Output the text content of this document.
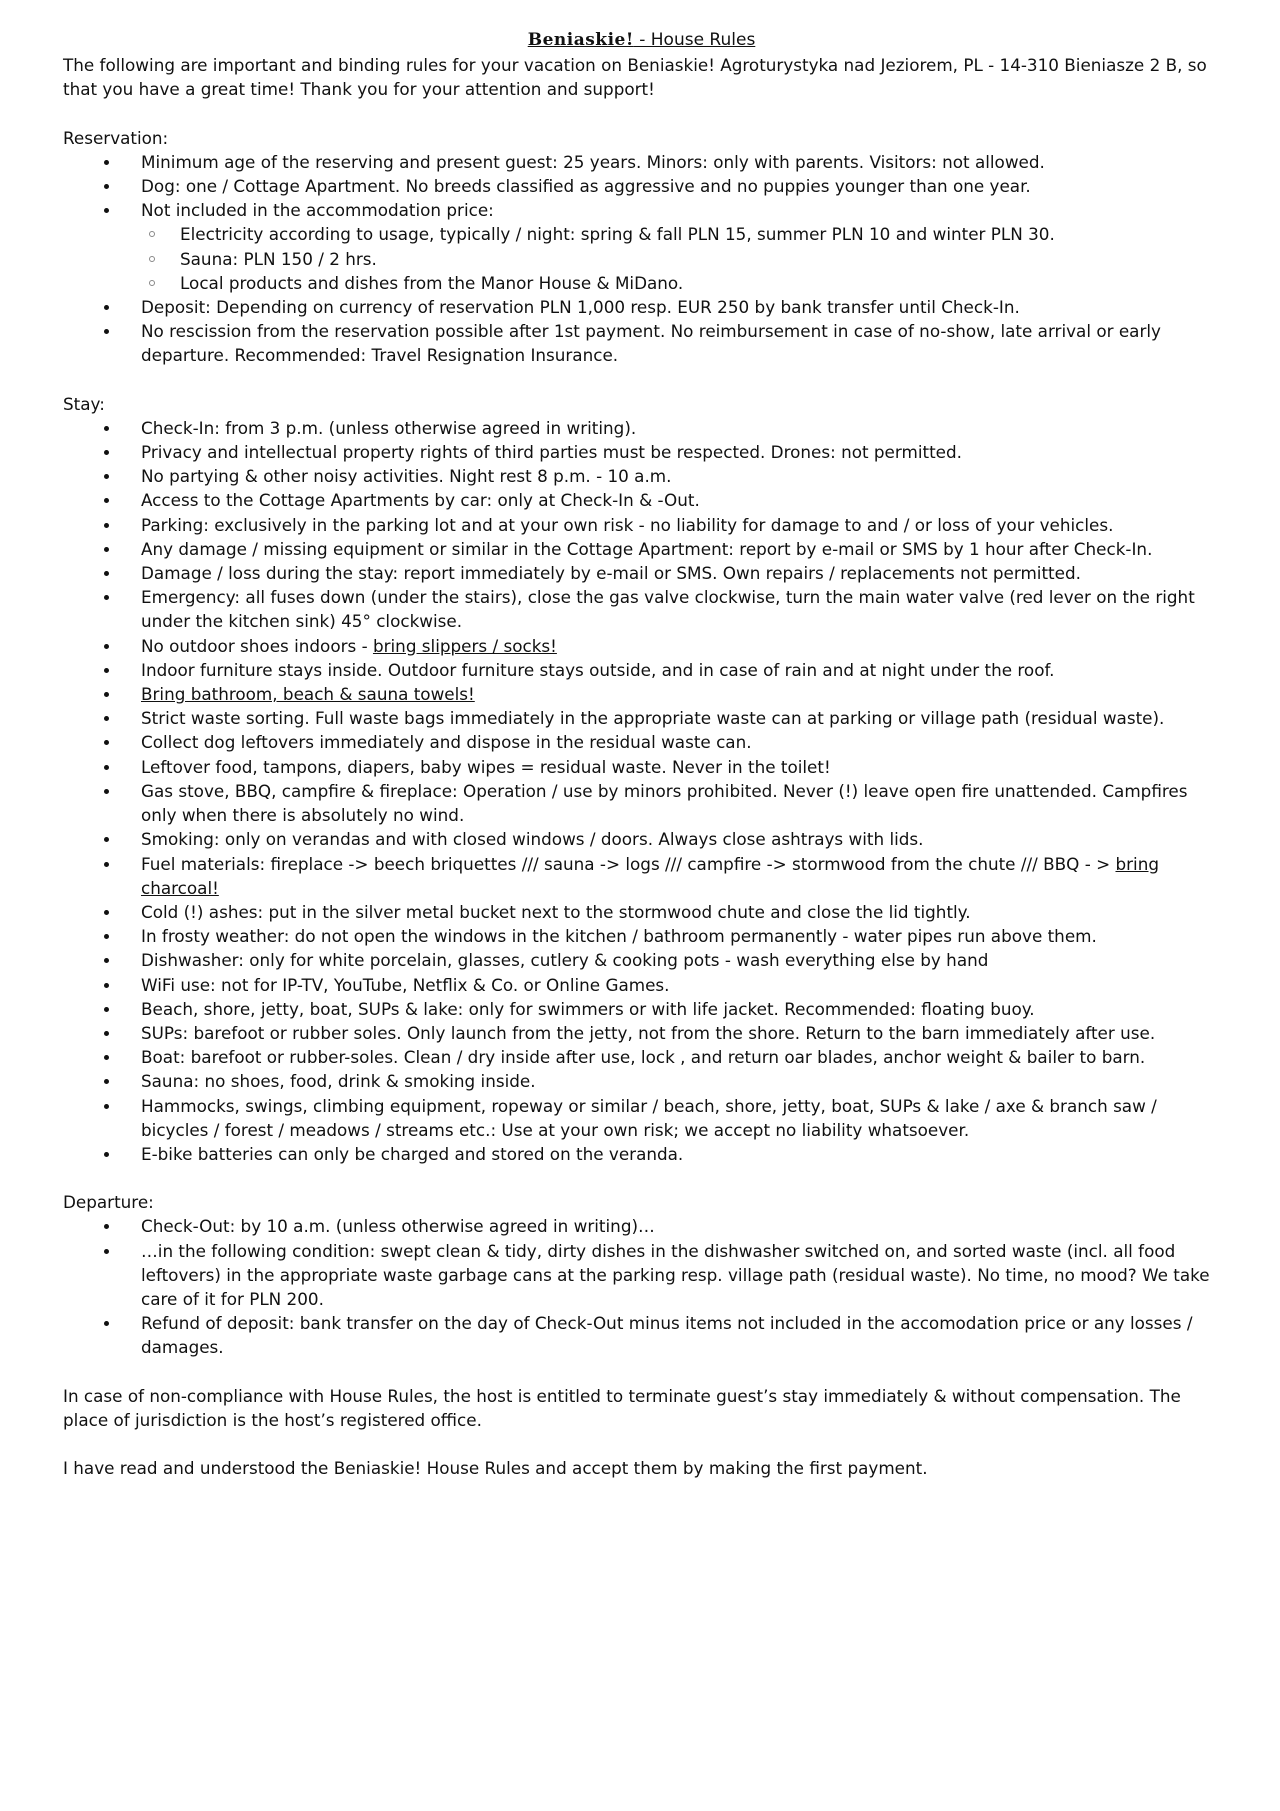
Beniaskie! - House Rules

The following are important and binding rules for your vacation on Beniaskie! Agroturystyka nad Jeziorem, PL - 14-310 Bieniasze 2 B, so that you have a great time! Thank you for your attention and support!

Reservation:
Minimum age of the reserving and present guest: 25 years. Minors: only with parents. Visitors: not allowed.
Dog: one / Cottage Apartment. No breeds classified as aggressive and no puppies younger than one year.
Not included in the accommodation price:
Electricity according to usage, typically / night: spring & fall PLN 15, summer PLN 10 and winter PLN 30.
Sauna: PLN 150 / 2 hrs.
Local products and dishes from the Manor House & MiDano.
Deposit: Depending on currency of reservation PLN 1,000 resp. EUR 250 by bank transfer until Check-In.
No rescission from the reservation possible after 1st payment. No reimbursement in case of no-show, late arrival or early departure. Recommended: Travel Resignation Insurance.
Stay:
Check-In: from 3 p.m. (unless otherwise agreed in writing).
Privacy and intellectual property rights of third parties must be respected. Drones: not permitted.
No partying & other noisy activities. Night rest 8 p.m. - 10 a.m.
Access to the Cottage Apartments by car: only at Check-In & -Out.
Parking: exclusively in the parking lot and at your own risk - no liability for damage to and / or loss of your vehicles.
Any damage / missing equipment or similar in the Cottage Apartment: report by e-mail or SMS by 1 hour after Check-In.
Damage / loss during the stay: report immediately by e-mail or SMS. Own repairs / replacements not permitted.
Emergency: all fuses down (under the stairs), close the gas valve clockwise, turn the main water valve (red lever on the right under the kitchen sink) 45° clockwise.
No outdoor shoes indoors - bring slippers / socks!
Indoor furniture stays inside. Outdoor furniture stays outside, and in case of rain and at night under the roof.
Bring bathroom, beach & sauna towels!
Strict waste sorting. Full waste bags immediately in the appropriate waste can at parking or village path (residual waste).
Collect dog leftovers immediately and dispose in the residual waste can.
Leftover food, tampons, diapers, baby wipes = residual waste. Never in the toilet!
Gas stove, BBQ, campfire & fireplace: Operation / use by minors prohibited. Never (!) leave open fire unattended. Campfires only when there is absolutely no wind.
Smoking: only on verandas and with closed windows / doors. Always close ashtrays with lids.
Fuel materials: fireplace -> beech briquettes /// sauna -> logs /// campfire -> stormwood from the chute /// BBQ - > bring charcoal!
Cold (!) ashes: put in the silver metal bucket next to the stormwood chute and close the lid tightly.
In frosty weather: do not open the windows in the kitchen / bathroom permanently - water pipes run above them.
Dishwasher: only for white porcelain, glasses, cutlery & cooking pots - wash everything else by hand
WiFi use: not for IP-TV, YouTube, Netflix & Co. or Online Games.
Beach, shore, jetty, boat, SUPs & lake: only for swimmers or with life jacket. Recommended: floating buoy.
SUPs: barefoot or rubber soles. Only launch from the jetty, not from the shore. Return to the barn immediately after use.
Boat: barefoot or rubber-soles. Clean / dry inside after use, lock , and return oar blades, anchor weight & bailer to barn.
Sauna: no shoes, food, drink & smoking inside.
Hammocks, swings, climbing equipment, ropeway or similar / beach, shore, jetty, boat, SUPs & lake / axe & branch saw / bicycles / forest / meadows / streams etc.: Use at your own risk; we accept no liability whatsoever.
E-bike batteries can only be charged and stored on the veranda.
Departure:
Check-Out: by 10 a.m. (unless otherwise agreed in writing)…
…in the following condition: swept clean & tidy, dirty dishes in the dishwasher switched on, and sorted waste (incl. all food leftovers) in the appropriate waste garbage cans at the parking resp. village path (residual waste). No time, no mood? We take care of it for PLN 200.
Refund of deposit: bank transfer on the day of Check-Out minus items not included in the accomodation price or any losses / damages.

In case of non-compliance with House Rules, the host is entitled to terminate guest’s stay immediately & without compensation. The place of jurisdiction is the host’s registered office.

I have read and understood the Beniaskie! House Rules and accept them by making the first payment.
